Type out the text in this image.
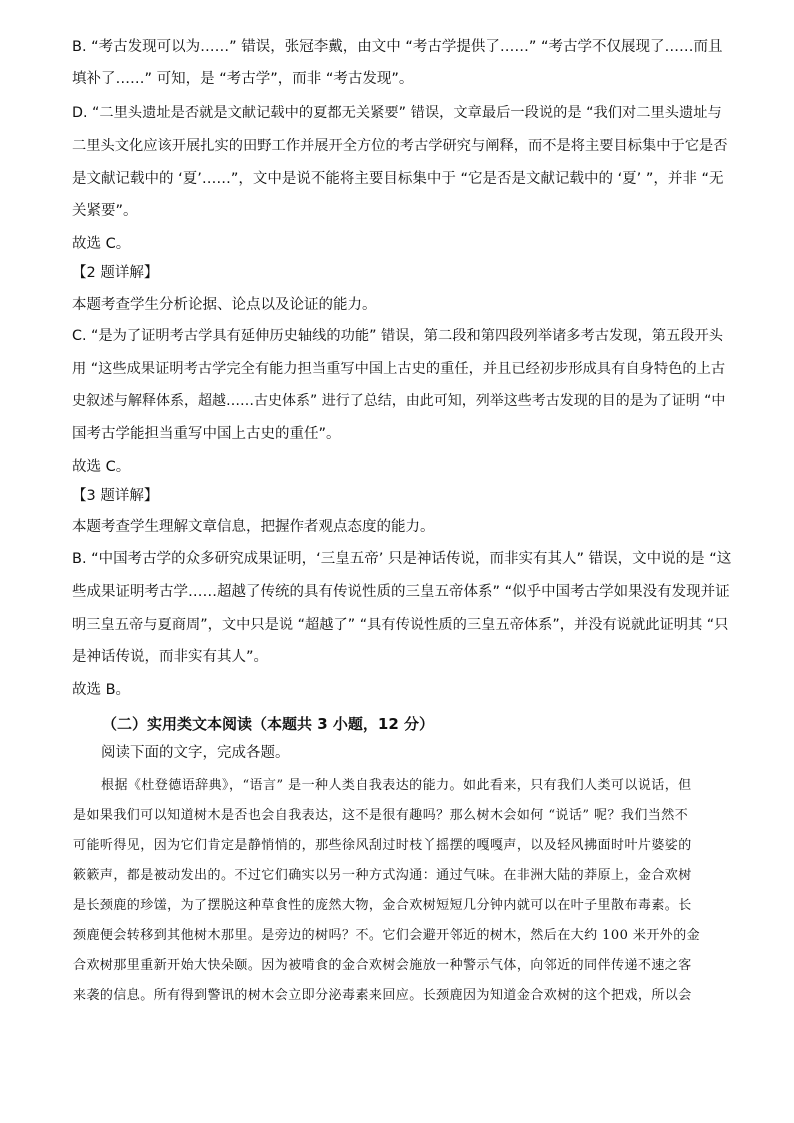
B. “考古发现可以为……” 错误，张冠李戴，由文中 “考古学提供了……” “考古学不仅展现了……而且
填补了……” 可知，是 “考古学”，而非 “考古发现”。
D. “二里头遗址是否就是文献记载中的夏都无关紧要” 错误，文章最后一段说的是 “我们对二里头遗址与
二里头文化应该开展扎实的田野工作并展开全方位的考古学研究与阐释，而不是将主要目标集中于它是否
是文献记载中的 ‘夏’……”，文中是说不能将主要目标集中于 “它是否是文献记载中的 ‘夏’ ”，并非 “无
关紧要”。
故选 C。
【2 题详解】
本题考查学生分析论据、论点以及论证的能力。
C. “是为了证明考古学具有延伸历史轴线的功能” 错误，第二段和第四段列举诸多考古发现，第五段开头
用 “这些成果证明考古学完全有能力担当重写中国上古史的重任，并且已经初步形成具有自身特色的上古
史叙述与解释体系，超越……古史体系” 进行了总结，由此可知，列举这些考古发现的目的是为了证明 “中
国考古学能担当重写中国上古史的重任”。
故选 C。
【3 题详解】
本题考查学生理解文章信息，把握作者观点态度的能力。
B. “中国考古学的众多研究成果证明，‘三皇五帝’ 只是神话传说，而非实有其人” 错误，文中说的是 “这
些成果证明考古学……超越了传统的具有传说性质的三皇五帝体系” “似乎中国考古学如果没有发现并证
明三皇五帝与夏商周”，文中只是说 “超越了” “具有传说性质的三皇五帝体系”，并没有说就此证明其 “只
是神话传说，而非实有其人”。
故选 B。
（二）实用类文本阅读（本题共 3 小题，12 分）
阅读下面的文字，完成各题。
根据《杜登德语辞典》，“语言” 是一种人类自我表达的能力。如此看来，只有我们人类可以说话，但
是如果我们可以知道树木是否也会自我表达，这不是很有趣吗？那么树木会如何 “说话” 呢？我们当然不
可能听得见，因为它们肯定是静悄悄的，那些徐风刮过时枝丫摇摆的嘎嘎声，以及轻风拂面时叶片婆娑的
簌簌声，都是被动发出的。不过它们确实以另一种方式沟通：通过气味。在非洲大陆的莽原上，金合欢树
是长颈鹿的珍馐，为了摆脱这种草食性的庞然大物，金合欢树短短几分钟内就可以在叶子里散布毒素。长
颈鹿便会转移到其他树木那里。是旁边的树吗？不。它们会避开邻近的树木，然后在大约 100 米开外的金
合欢树那里重新开始大快朵颐。因为被啃食的金合欢树会施放一种警示气体，向邻近的同伴传递不速之客
来袭的信息。所有得到警讯的树木会立即分泌毒素来回应。长颈鹿因为知道金合欢树的这个把戏，所以会
